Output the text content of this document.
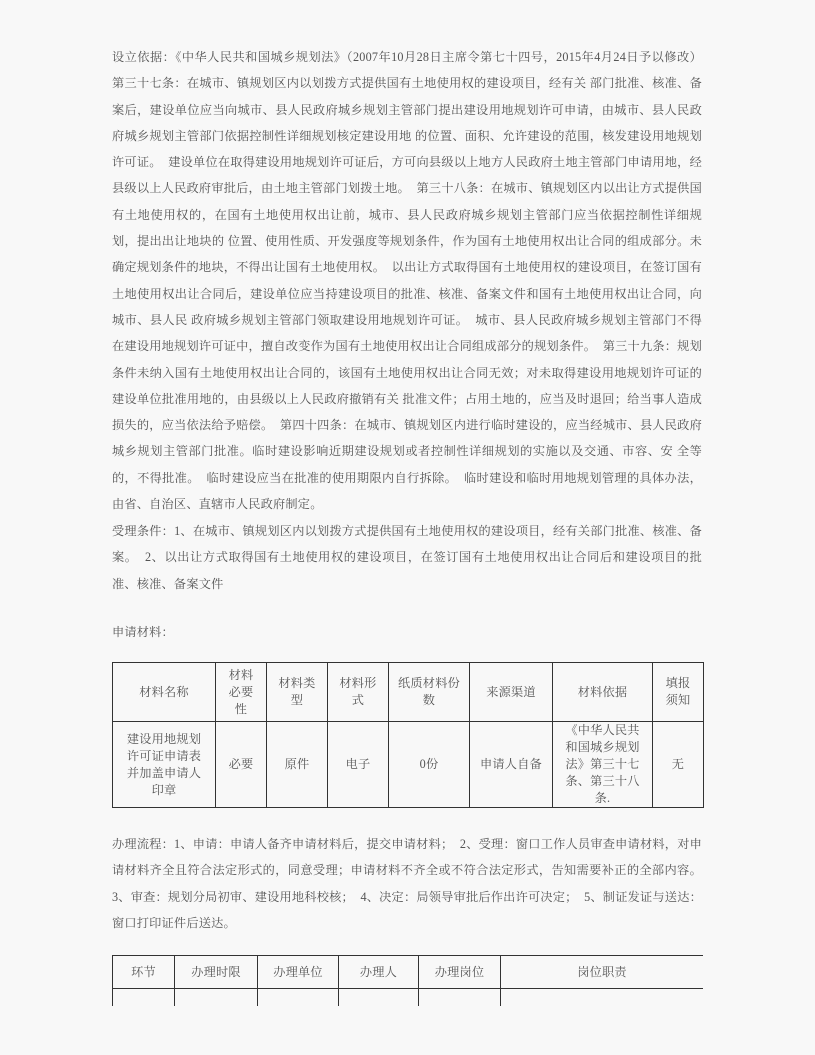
设立依据：《中华人民共和国城乡规划法》（2007年10月28日主席令第七十四号，2015年4月24日予以修改）第三十七条：在城市、镇规划区内以划拨方式提供国有土地使用权的建设项目，经有关 部门批准、核准、备案后，建设单位应当向城市、县人民政府城乡规划主管部门提出建设用地规划许可申请，由城市、县人民政府城乡规划主管部门依据控制性详细规划核定建设用地 的位置、面积、允许建设的范围，核发建设用地规划许可证。  建设单位在取得建设用地规划许可证后，方可向县级以上地方人民政府土地主管部门申请用地，经县级以上人民政府审批后，由土地主管部门划拨土地。  第三十八条：在城市、镇规划区内以出让方式提供国有土地使用权的，在国有土地使用权出让前，城市、县人民政府城乡规划主管部门应当依据控制性详细规划，提出出让地块的 位置、使用性质、开发强度等规划条件，作为国有土地使用权出让合同的组成部分。未确定规划条件的地块，不得出让国有土地使用权。  以出让方式取得国有土地使用权的建设项目，在签订国有土地使用权出让合同后，建设单位应当持建设项目的批准、核准、备案文件和国有土地使用权出让合同，向城市、县人民 政府城乡规划主管部门领取建设用地规划许可证。  城市、县人民政府城乡规划主管部门不得在建设用地规划许可证中，擅自改变作为国有土地使用权出让合同组成部分的规划条件。  第三十九条：规划条件未纳入国有土地使用权出让合同的，该国有土地使用权出让合同无效；对未取得建设用地规划许可证的建设单位批准用地的，由县级以上人民政府撤销有关 批准文件；占用土地的，应当及时退回；给当事人造成损失的，应当依法给予赔偿。  第四十四条：在城市、镇规划区内进行临时建设的，应当经城市、县人民政府城乡规划主管部门批准。临时建设影响近期建设规划或者控制性详细规划的实施以及交通、市容、安 全等的，不得批准。  临时建设应当在批准的使用期限内自行拆除。  临时建设和临时用地规划管理的具体办法，由省、自治区、直辖市人民政府制定。

受理条件：1、在城市、镇规划区内以划拨方式提供国有土地使用权的建设项目，经有关部门批准、核准、备案。  2、以出让方式取得国有土地使用权的建设项目，在签订国有土地使用权出让合同后和建设项目的批准、核准、备案文件

申请材料：

材料名称	材料必要性	材料类型	材料形式	纸质材料份数	来源渠道	材料依据	填报须知
建设用地规划许可证申请表并加盖申请人印章	必要	原件	电子	0份	申请人自备	《中华人民共和国城乡规划法》第三十七条、第三十八条.	无

办理流程：1、申请：申请人备齐申请材料后，提交申请材料；  2、受理：窗口工作人员审查申请材料，对申请材料齐全且符合法定形式的，同意受理；申请材料不齐全或不符合法定形式，告知需要补正的全部内容。3、审查：规划分局初审、建设用地科校核；  4、决定：局领导审批后作出许可决定；  5、制证发证与送达：窗口打印证件后送达。

环节	办理时限	办理单位	办理人	办理岗位	岗位职责
